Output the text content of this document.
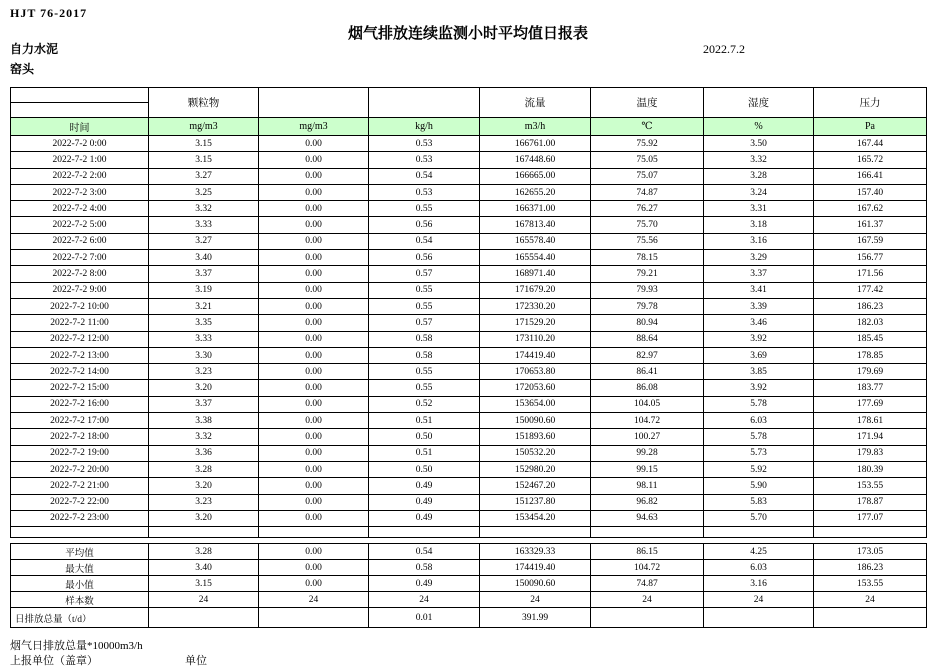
HJT 76-2017
烟气排放连续监测小时平均值日报表
自力水泥
窑头
2022.7.2
	颗粒物			流量	温度	湿度	压力

时间	mg/m3	mg/m3	kg/h	m3/h	℃	%	Pa
2022-7-2 0:00	3.15	0.00	0.53	166761.00	75.92	3.50	167.44
2022-7-2 1:00	3.15	0.00	0.53	167448.60	75.05	3.32	165.72
2022-7-2 2:00	3.27	0.00	0.54	166665.00	75.07	3.28	166.41
2022-7-2 3:00	3.25	0.00	0.53	162655.20	74.87	3.24	157.40
2022-7-2 4:00	3.32	0.00	0.55	166371.00	76.27	3.31	167.62
2022-7-2 5:00	3.33	0.00	0.56	167813.40	75.70	3.18	161.37
2022-7-2 6:00	3.27	0.00	0.54	165578.40	75.56	3.16	167.59
2022-7-2 7:00	3.40	0.00	0.56	165554.40	78.15	3.29	156.77
2022-7-2 8:00	3.37	0.00	0.57	168971.40	79.21	3.37	171.56
2022-7-2 9:00	3.19	0.00	0.55	171679.20	79.93	3.41	177.42
2022-7-2 10:00	3.21	0.00	0.55	172330.20	79.78	3.39	186.23
2022-7-2 11:00	3.35	0.00	0.57	171529.20	80.94	3.46	182.03
2022-7-2 12:00	3.33	0.00	0.58	173110.20	88.64	3.92	185.45
2022-7-2 13:00	3.30	0.00	0.58	174419.40	82.97	3.69	178.85
2022-7-2 14:00	3.23	0.00	0.55	170653.80	86.41	3.85	179.69
2022-7-2 15:00	3.20	0.00	0.55	172053.60	86.08	3.92	183.77
2022-7-2 16:00	3.37	0.00	0.52	153654.00	104.05	5.78	177.69
2022-7-2 17:00	3.38	0.00	0.51	150090.60	104.72	6.03	178.61
2022-7-2 18:00	3.32	0.00	0.50	151893.60	100.27	5.78	171.94
2022-7-2 19:00	3.36	0.00	0.51	150532.20	99.28	5.73	179.83
2022-7-2 20:00	3.28	0.00	0.50	152980.20	99.15	5.92	180.39
2022-7-2 21:00	3.20	0.00	0.49	152467.20	98.11	5.90	153.55
2022-7-2 22:00	3.23	0.00	0.49	151237.80	96.82	5.83	178.87
2022-7-2 23:00	3.20	0.00	0.49	153454.20	94.63	5.70	177.07

平均值	3.28	0.00	0.54	163329.33	86.15	4.25	173.05
最大值	3.40	0.00	0.58	174419.40	104.72	6.03	186.23
最小值	3.15	0.00	0.49	150090.60	74.87	3.16	153.55
样本数	24	24	24	24	24	24	24
日排放总量（t/d）			0.01	391.99			
烟气日排放总量*10000m3/h
上报单位（盖章）	单位
